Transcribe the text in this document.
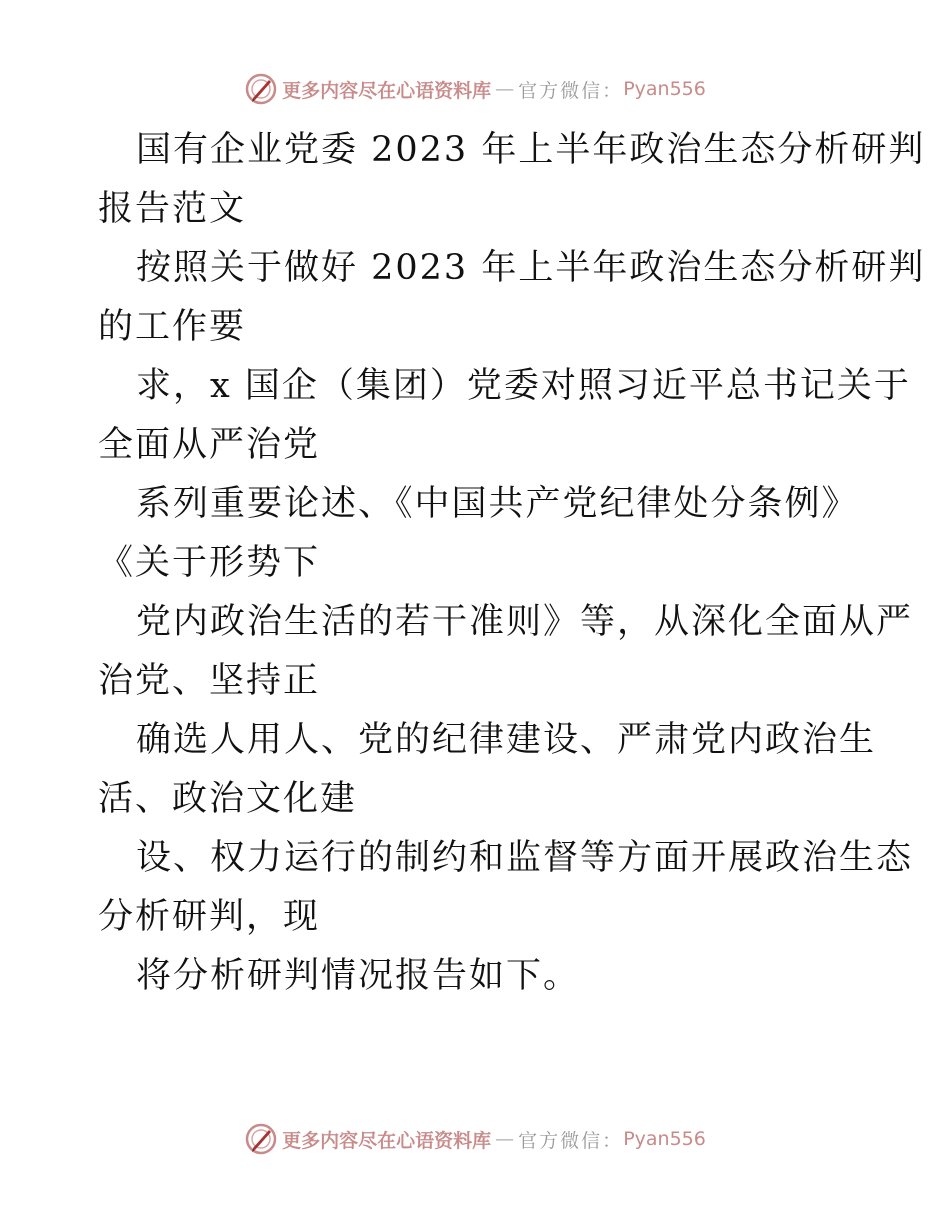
更多内容尽在心语资料库 — 官方微信： Pyan556

国有企业党委 2023 年上半年政治生态分析研判
报告范文

按照关于做好 2023 年上半年政治生态分析研判
的工作要

求，x 国企（集团）党委对照习近平总书记关于
全面从严治党

系列重要论述、《中国共产党纪律处分条例》
《关于形势下

党内政治生活的若干准则》等，从深化全面从严
治党、坚持正

确选人用人、党的纪律建设、严肃党内政治生
活、政治文化建

设、权力运行的制约和监督等方面开展政治生态
分析研判，现

将分析研判情况报告如下。

更多内容尽在心语资料库 — 官方微信： Pyan556
